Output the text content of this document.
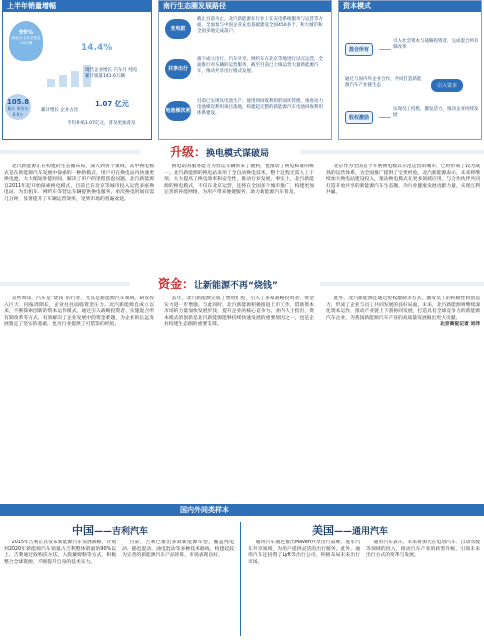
上半年销量增幅
99%
纯电动 全年总销量 3.8万辆	14.4%
现代企业增长 汽车月 纯电 累计销量141.6万辆
105.8
累计 乘用车 6.6万
累计增长 企业占比
1.07 亿元
平均补贴1.07亿元，普及更加普及
南行生态圈发展路径
充电桩
截止目前为止，北汽新能源在行业上在充电系统服务与运营等方面，全面参与中国企业充电基础建设全国450多个，和大城市和全国多地完成落户。
共享出行
旗下成立出行、汽车共享、网约车在北京等地进行试点运营，全面推行对车辆的运营服务，截至目前已上线运营大量新能源汽车，推动共享出行模式发展。
电池梯次利用
目前已实现从电池生产、使用到回收利用的闭环管理，推进动力电池梯次利用项目落地，构建起完整的新能源汽车电池回收利用体系建设。
资本模式
混合所有
引入社会资本与战略投资者，完成混合所有制改革
通过与国内外企业合作，共同打造新能源汽车产业链生态	引入资本
股权激励
实现员工持股，激发活力，推动企业持续发展
升级：换电模式谋破局

北汽新能源正在构建的生态圈布局，深入到各个领域，其中换电模式是在新能源汽车发展中探索的一种新模式，用户可在换电站内快速更换电池，大大缩短补能时间，解决了用户的里程焦虑问题。北汽新能源自2011年起开始探索换电模式，目前已在北京等城市投入运营多座换电站，为出租车、网约车等营运车辆提供换电服务，单次换电时间仅需几分钟，显著提升了车辆运营效率，受到市场的普遍欢迎。

换电站的服务能力为营运车辆带来了便利，也推动了换电标准的统一。北汽新能源的换电站采用了全自动换电技术，整个过程无需人工干预，大大提高了换电效率和安全性，推动行业发展。事实上，北汽新能源的换电模式，不仅在北京运营，还将在全国多个城市推广，构建更加完善的补能网络，为用户带来便捷服务，助力新能源汽车普及。

北京作为全国首个开展换电模式示范运营的城市，已经形成了较为成熟的运营体系，为全国推广提供了宝贵经验。北汽新能源表示，未来将继续加大换电站建设投入，推动换电模式在更多领域应用，与合作伙伴共同打造开放共享的新能源汽车生态圈，为行业健康发展贡献力量，实现互利共赢。

资金：让新能源不再“烧钱”

众所周知，汽车是“烧钱”的行业，尤其是新能源汽车领域，研发投入巨大、回报周期长，企业往往面临资金压力。北汽新能源自成立以来，不断探索创新的资本运作模式，通过引入战略投资者、实施混合所有制改革等方式，有效解决了企业发展中的资金难题，为企业的长远发展奠定了坚实的基础，也为行业提供了可借鉴的经验。

去年，北汽新能源完成了增资扩股，引入了多家战略投资者，资金实力进一步增强。与此同时，北汽新能源积极推进上市工作，借助资本市场的力量加快发展步伐，提升企业的核心竞争力。业内人士指出，资本模式的创新是北汽新能源能够持续快速发展的重要原因之一，也是企业构建生态圈的重要支撑。

此外，北汽新能源还通过股权激励等方式，激发员工的积极性和创造力，形成了企业与员工共同发展的良好局面。未来，北汽新能源将继续深化资本运作，推动产业链上下游协同发展，打造具有全球竞争力的新能源汽车企业，为我国新能源汽车产业的高质量发展做出更大贡献。

北京商报记者 刘洋

国内外同类样本
中国——吉利汽车

2015年吉利正式发布新能源汽车发展战略，计划到2020年新能源汽车销量占吉利整体销量的90%以上。吉利通过收购沃尔沃、入股戴姆勒等方式，积极整合全球资源，不断提升自身的技术实力。

目前，吉利已推出多款新能源车型，覆盖纯电动、插电混动、油电混动等多种技术路线，构建起较为完善的新能源汽车产品矩阵，市场表现良好。

美国——通用汽车

通用汽车通过推出Maven共享出行品牌，进军汽车共享领域，为用户提供灵活的出行服务。此外，通用汽车还投资了Lyft等出行公司，积极布局未来出行市场。

通用汽车表示，未来将加大在电动汽车、自动驾驶等领域的投入，推动汽车产业的转型升级，引领未来出行方式的变革与发展。
